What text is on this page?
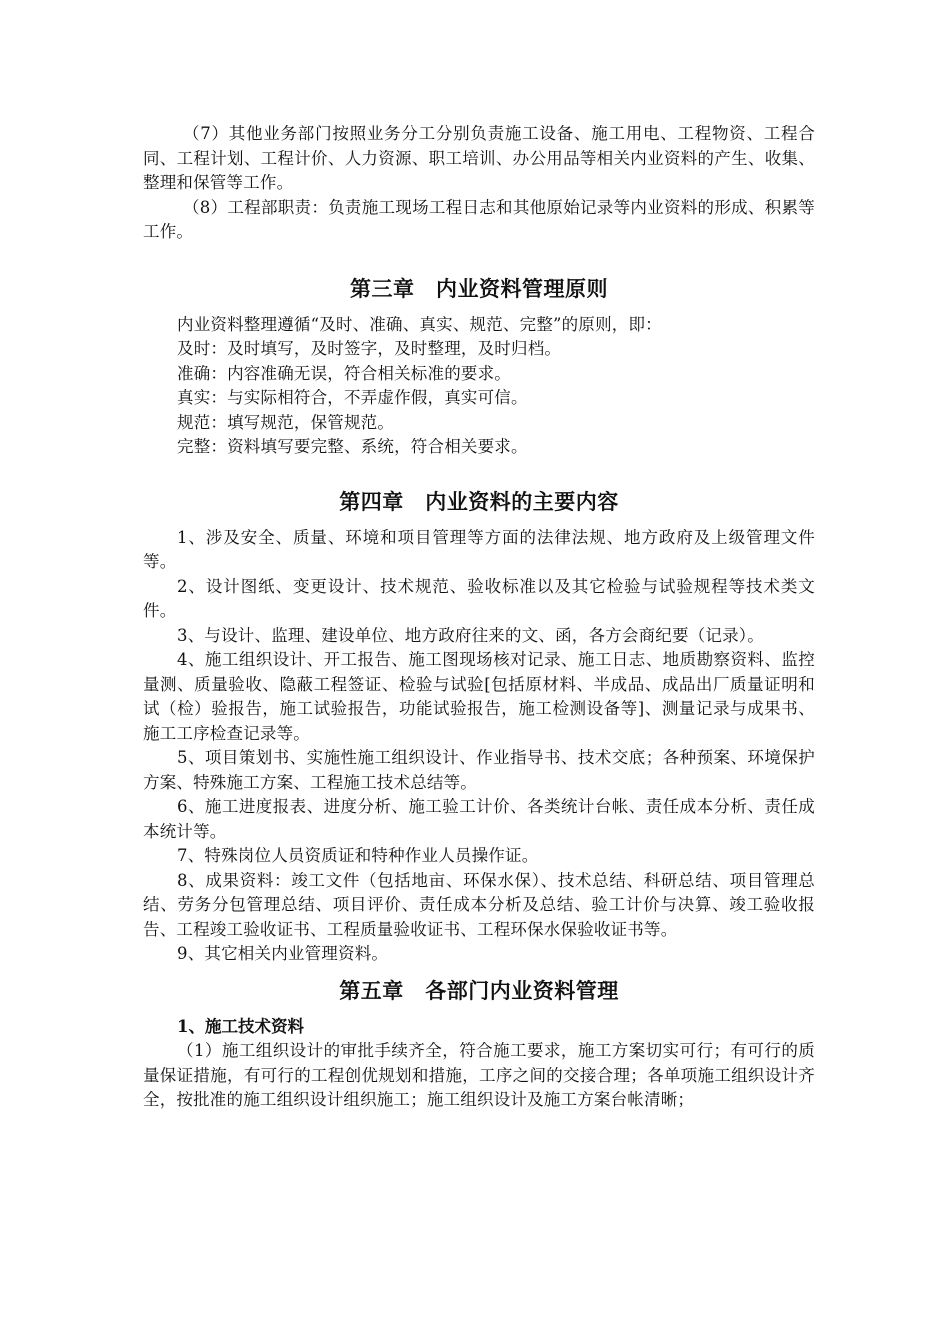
（7）其他业务部门按照业务分工分别负责施工设备、施工用电、工程物资、工程合同、工程计划、工程计价、人力资源、职工培训、办公用品等相关内业资料的产生、收集、整理和保管等工作。

（8）工程部职责：负责施工现场工程日志和其他原始记录等内业资料的形成、积累等工作。

第三章　内业资料管理原则

内业资料整理遵循“及时、准确、真实、规范、完整”的原则，即：

及时：及时填写，及时签字，及时整理，及时归档。

准确：内容准确无误，符合相关标准的要求。

真实：与实际相符合，不弄虚作假，真实可信。

规范：填写规范，保管规范。

完整：资料填写要完整、系统，符合相关要求。

第四章　内业资料的主要内容

1、涉及安全、质量、环境和项目管理等方面的法律法规、地方政府及上级管理文件等。

2、设计图纸、变更设计、技术规范、验收标准以及其它检验与试验规程等技术类文件。

3、与设计、监理、建设单位、地方政府往来的文、函，各方会商纪要（记录）。

4、施工组织设计、开工报告、施工图现场核对记录、施工日志、地质勘察资料、监控量测、质量验收、隐蔽工程签证、检验与试验[包括原材料、半成品、成品出厂质量证明和试（检）验报告，施工试验报告，功能试验报告，施工检测设备等]、测量记录与成果书、施工工序检查记录等。

5、项目策划书、实施性施工组织设计、作业指导书、技术交底；各种预案、环境保护方案、特殊施工方案、工程施工技术总结等。

6、施工进度报表、进度分析、施工验工计价、各类统计台帐、责任成本分析、责任成本统计等。

7、特殊岗位人员资质证和特种作业人员操作证。

8、成果资料：竣工文件（包括地亩、环保水保）、技术总结、科研总结、项目管理总结、劳务分包管理总结、项目评价、责任成本分析及总结、验工计价与决算、竣工验收报告、工程竣工验收证书、工程质量验收证书、工程环保水保验收证书等。

9、其它相关内业管理资料。

第五章　各部门内业资料管理

1、施工技术资料

（1）施工组织设计的审批手续齐全，符合施工要求，施工方案切实可行；有可行的质量保证措施，有可行的工程创优规划和措施，工序之间的交接合理；各单项施工组织设计齐全，按批准的施工组织设计组织施工；施工组织设计及施工方案台帐清晰；
